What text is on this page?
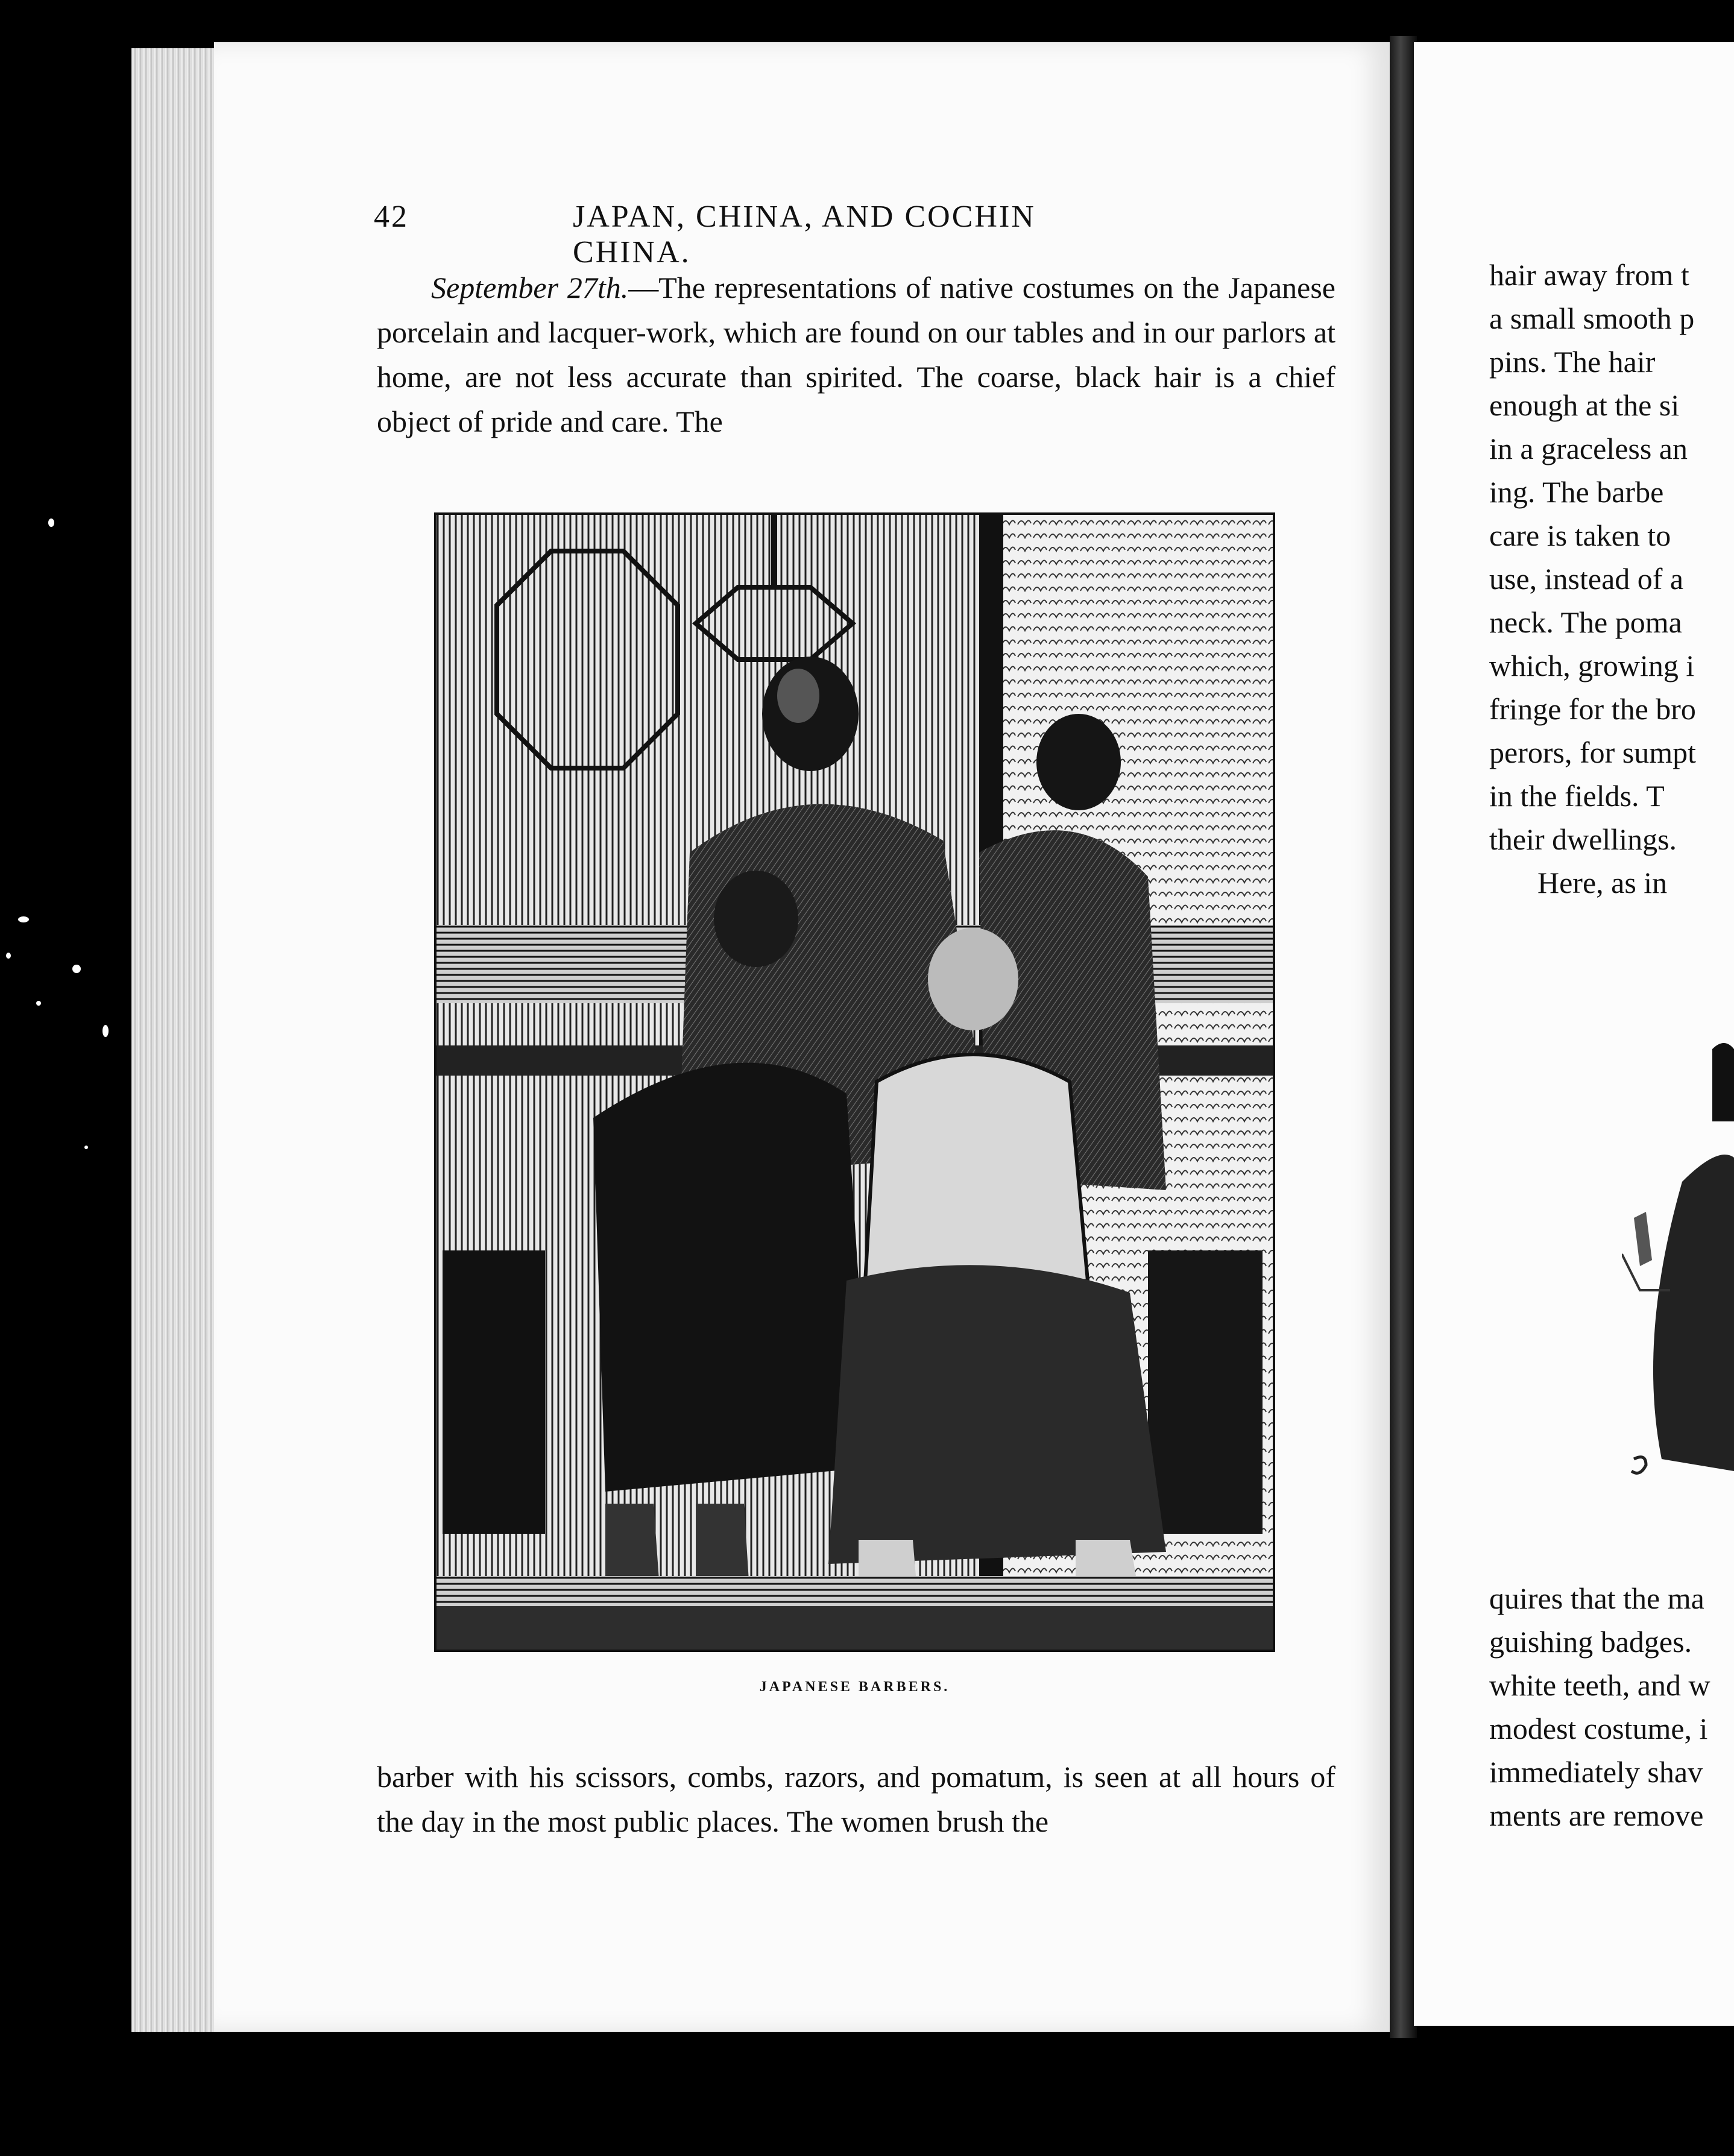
42	JAPAN, CHINA, AND COCHIN CHINA.

September 27th.—The representations of native costumes on the Japanese porcelain and lacquer-work, which are found on our tables and in our parlors at home, are not less accurate than spirited. The coarse, black hair is a chief object of pride and care. The

JAPANESE BARBERS.

barber with his scissors, combs, razors, and pomatum, is seen at all hours of the day in the most public places. The women brush the

hair away from t
a small smooth p
pins. The hair
enough at the si
in a graceless an
ing. The barbe
care is taken to
use, instead of a
neck. The poma
which, growing i
fringe for the bro
perors, for sumpt
in the fields. T
their dwellings.
Here, as in
quires that the ma
guishing badges.
white teeth, and w
modest costume, i
immediately shav
ments are remove
